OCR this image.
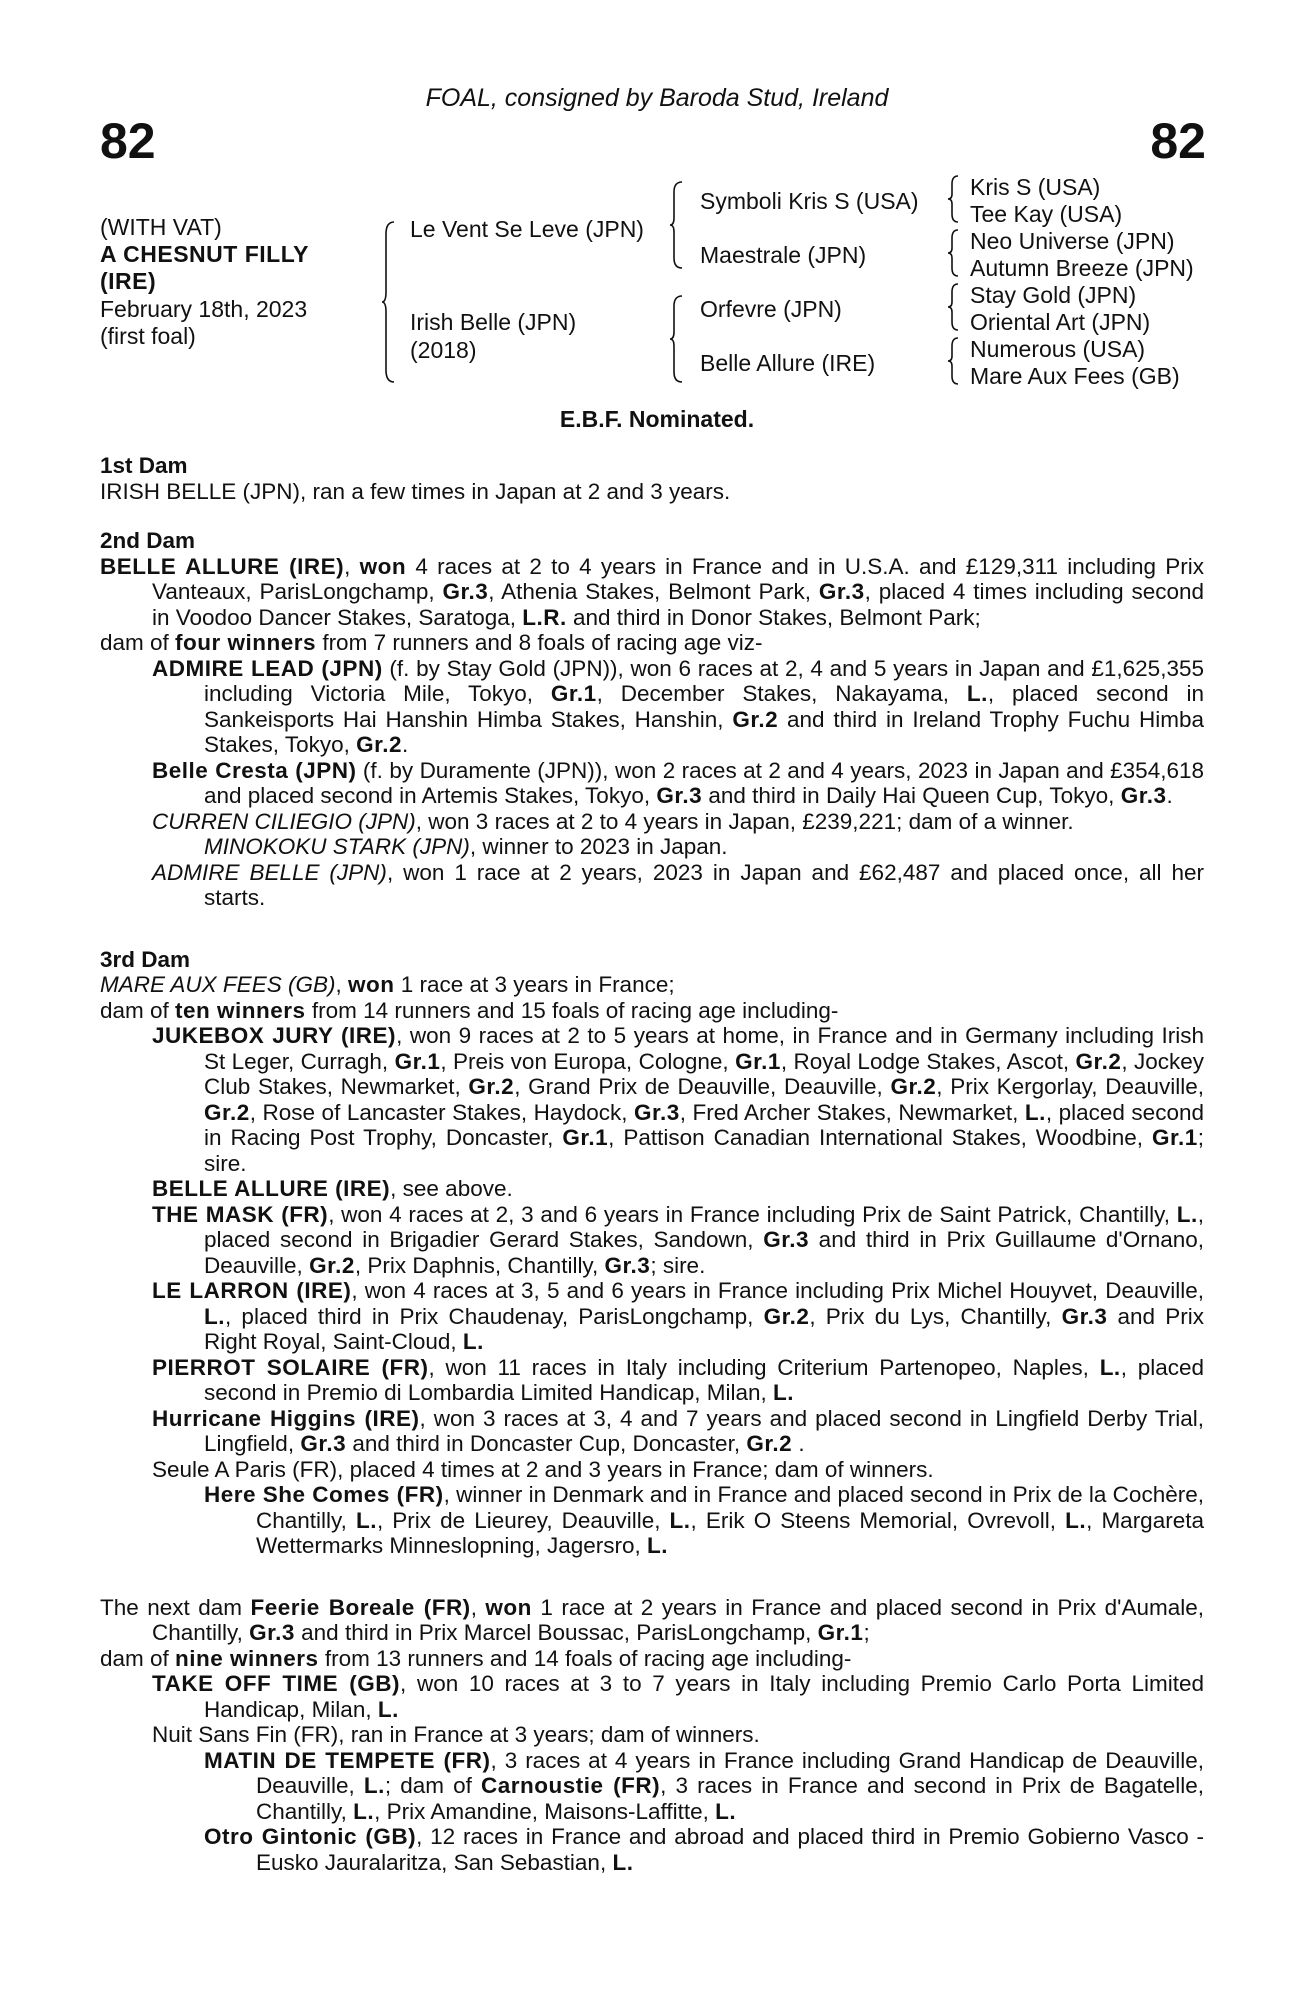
82	82
FOAL, consigned by Baroda Stud, Ireland
(WITH VAT)
A CHESNUT FILLY
(IRE)
February 18th, 2023
(first foal)
Le Vent Se Leve (JPN)
Irish Belle (JPN)
(2018)
Symboli Kris S (USA)
Maestrale (JPN)
Orfevre (JPN)
Belle Allure (IRE)
Kris S (USA)
Tee Kay (USA)
Neo Universe (JPN)
Autumn Breeze (JPN)
Stay Gold (JPN)
Oriental Art (JPN)
Numerous (USA)
Mare Aux Fees (GB)
E.B.F. Nominated.

1st Dam

IRISH BELLE (JPN), ran a few times in Japan at 2 and 3 years.

2nd Dam

BELLE ALLURE (IRE), won 4 races at 2 to 4 years in France and in U.S.A. and £129,311 including Prix Vanteaux, ParisLongchamp, Gr.3, Athenia Stakes, Belmont Park, Gr.3, placed 4 times including second in Voodoo Dancer Stakes, Saratoga, L.R. and third in Donor Stakes, Belmont Park;

dam of four winners from 7 runners and 8 foals of racing age viz-

ADMIRE LEAD (JPN) (f. by Stay Gold (JPN)), won 6 races at 2, 4 and 5 years in Japan and £1,625,355 including Victoria Mile, Tokyo, Gr.1, December Stakes, Nakayama, L., placed second in Sankeisports Hai Hanshin Himba Stakes, Hanshin, Gr.2 and third in Ireland Trophy Fuchu Himba Stakes, Tokyo, Gr.2.

Belle Cresta (JPN) (f. by Duramente (JPN)), won 2 races at 2 and 4 years, 2023 in Japan and £354,618 and placed second in Artemis Stakes, Tokyo, Gr.3 and third in Daily Hai Queen Cup, Tokyo, Gr.3.

CURREN CILIEGIO (JPN), won 3 races at 2 to 4 years in Japan, £239,221; dam of a winner.

MINOKOKU STARK (JPN), winner to 2023 in Japan.

ADMIRE BELLE (JPN), won 1 race at 2 years, 2023 in Japan and £62,487 and placed once, all her starts.

3rd Dam

MARE AUX FEES (GB), won 1 race at 3 years in France;

dam of ten winners from 14 runners and 15 foals of racing age including-

JUKEBOX JURY (IRE), won 9 races at 2 to 5 years at home, in France and in Germany including Irish St Leger, Curragh, Gr.1, Preis von Europa, Cologne, Gr.1, Royal Lodge Stakes, Ascot, Gr.2, Jockey Club Stakes, Newmarket, Gr.2, Grand Prix de Deauville, Deauville, Gr.2, Prix Kergorlay, Deauville, Gr.2, Rose of Lancaster Stakes, Haydock, Gr.3, Fred Archer Stakes, Newmarket, L., placed second in Racing Post Trophy, Doncaster, Gr.1, Pattison Canadian International Stakes, Woodbine, Gr.1; sire.

BELLE ALLURE (IRE), see above.

THE MASK (FR), won 4 races at 2, 3 and 6 years in France including Prix de Saint Patrick, Chantilly, L., placed second in Brigadier Gerard Stakes, Sandown, Gr.3 and third in Prix Guillaume d'Ornano, Deauville, Gr.2, Prix Daphnis, Chantilly, Gr.3; sire.

LE LARRON (IRE), won 4 races at 3, 5 and 6 years in France including Prix Michel Houyvet, Deauville, L., placed third in Prix Chaudenay, ParisLongchamp, Gr.2, Prix du Lys, Chantilly, Gr.3 and Prix Right Royal, Saint-Cloud, L.

PIERROT SOLAIRE (FR), won 11 races in Italy including Criterium Partenopeo, Naples, L., placed second in Premio di Lombardia Limited Handicap, Milan, L.

Hurricane Higgins (IRE), won 3 races at 3, 4 and 7 years and placed second in Lingfield Derby Trial, Lingfield, Gr.3 and third in Doncaster Cup, Doncaster, Gr.2 .

Seule A Paris (FR), placed 4 times at 2 and 3 years in France; dam of winners.

Here She Comes (FR), winner in Denmark and in France and placed second in Prix de la Cochère, Chantilly, L., Prix de Lieurey, Deauville, L., Erik O Steens Memorial, Ovrevoll, L., Margareta Wettermarks Minneslopning, Jagersro, L.

The next dam Feerie Boreale (FR), won 1 race at 2 years in France and placed second in Prix d'Aumale, Chantilly, Gr.3 and third in Prix Marcel Boussac, ParisLongchamp, Gr.1;

dam of nine winners from 13 runners and 14 foals of racing age including-

TAKE OFF TIME (GB), won 10 races at 3 to 7 years in Italy including Premio Carlo Porta Limited Handicap, Milan, L.

Nuit Sans Fin (FR), ran in France at 3 years; dam of winners.

MATIN DE TEMPETE (FR), 3 races at 4 years in France including Grand Handicap de Deauville, Deauville, L.; dam of Carnoustie (FR), 3 races in France and second in Prix de Bagatelle, Chantilly, L., Prix Amandine, Maisons-Laffitte, L.

Otro Gintonic (GB), 12 races in France and abroad and placed third in Premio Gobierno Vasco - Eusko Jauralaritza, San Sebastian, L.
